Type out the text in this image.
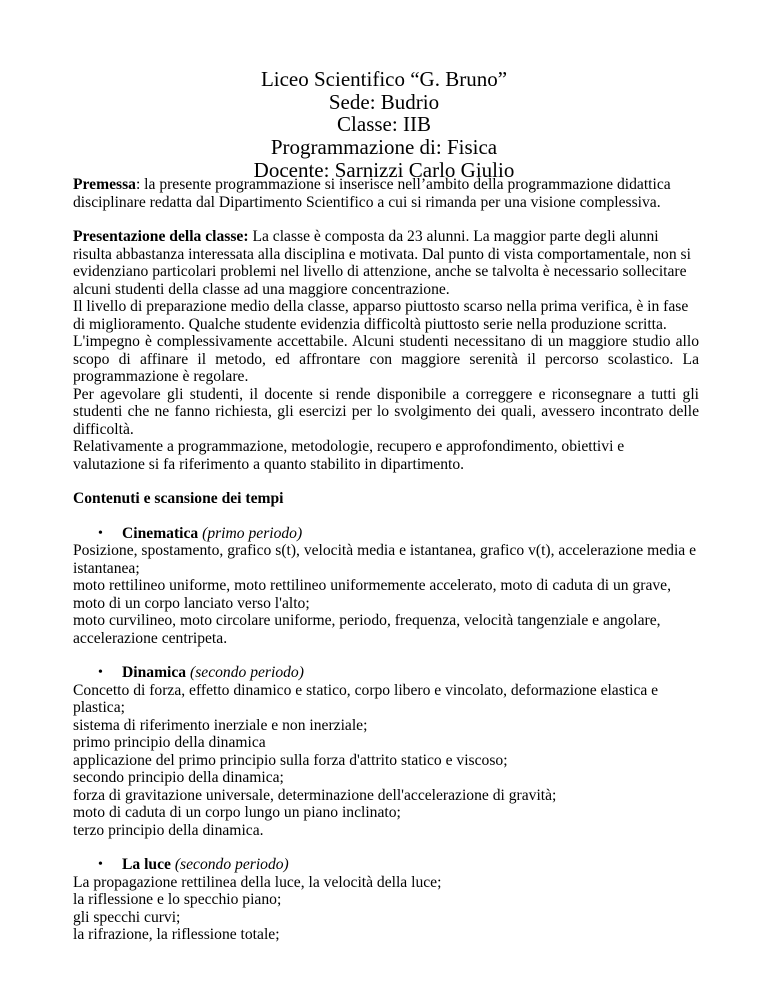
Liceo Scientifico “G. Bruno”
Sede: Budrio
Classe: IIB
Programmazione di: Fisica
Docente: Sarnizzi Carlo Giulio

Premessa: la presente programmazione si inserisce nell’ambito della programmazione didattica disciplinare redatta dal Dipartimento Scientifico a cui si rimanda per una visione complessiva.

Presentazione della classe: La classe è composta da 23 alunni. La maggior parte degli alunni risulta abbastanza interessata alla disciplina e motivata. Dal punto di vista comportamentale, non si evidenziano particolari problemi nel livello di attenzione, anche se talvolta è necessario sollecitare alcuni studenti della classe ad una maggiore concentrazione.
Il livello di preparazione medio della classe, apparso piuttosto scarso nella prima verifica, è in fase di miglioramento. Qualche studente evidenzia difficoltà piuttosto serie nella produzione scritta.
L'impegno è complessivamente accettabile. Alcuni studenti necessitano di un maggiore studio allo scopo di affinare il metodo, ed affrontare con maggiore serenità il percorso scolastico. La programmazione è regolare.
Per agevolare gli studenti, il docente si rende disponibile a correggere e riconsegnare a tutti gli studenti che ne fanno richiesta, gli esercizi per lo svolgimento dei quali, avessero incontrato delle difficoltà.
Relativamente a programmazione, metodologie, recupero e approfondimento, obiettivi e valutazione si fa riferimento a quanto stabilito in dipartimento.
Contenuti e scansione dei tempi
• Cinematica (primo periodo)
Posizione, spostamento, grafico s(t), velocità media e istantanea, grafico v(t), accelerazione media e istantanea;
moto rettilineo uniforme, moto rettilineo uniformemente accelerato, moto di caduta di un grave, moto di un corpo lanciato verso l'alto;
moto curvilineo, moto circolare uniforme, periodo, frequenza, velocità tangenziale e angolare, accelerazione centripeta.
• Dinamica (secondo periodo)
Concetto di forza, effetto dinamico e statico, corpo libero e vincolato, deformazione elastica e plastica;
sistema di riferimento inerziale e non inerziale;
primo principio della dinamica
applicazione del primo principio sulla forza d'attrito statico e viscoso;
secondo principio della dinamica;
forza di gravitazione universale, determinazione dell'accelerazione di gravità;
moto di caduta di un corpo lungo un piano inclinato;
terzo principio della dinamica.
• La luce (secondo periodo)
La propagazione rettilinea della luce, la velocità della luce;
la riflessione e lo specchio piano;
gli specchi curvi;
la rifrazione, la riflessione totale;
